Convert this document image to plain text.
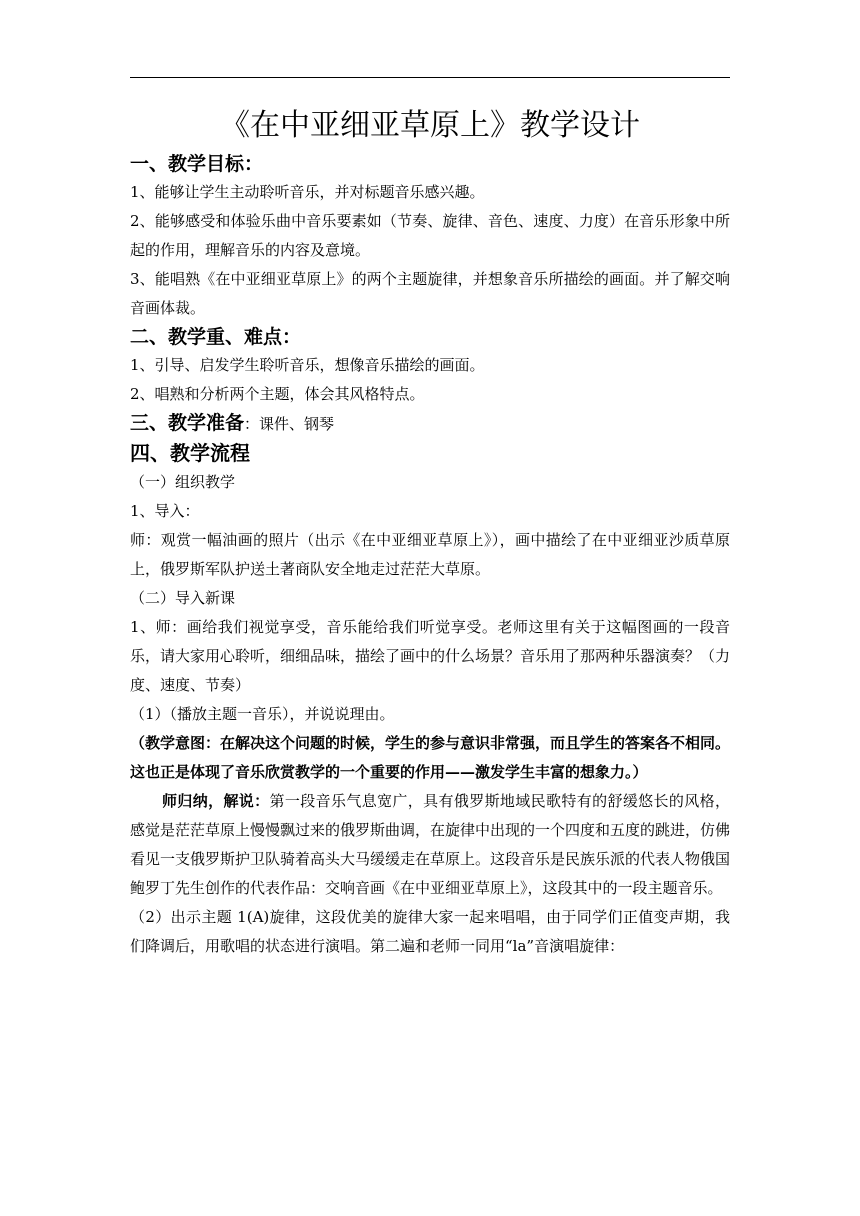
《在中亚细亚草原上》教学设计
一、教学目标：

1、能够让学生主动聆听音乐，并对标题音乐感兴趣。

2、能够感受和体验乐曲中音乐要素如（节奏、旋律、音色、速度、力度）在音乐形象中所起的作用，理解音乐的内容及意境。

3、能唱熟《在中亚细亚草原上》的两个主题旋律，并想象音乐所描绘的画面。并了解交响音画体裁。

二、教学重、难点：

1、引导、启发学生聆听音乐，想像音乐描绘的画面。

2、唱熟和分析两个主题，体会其风格特点。

三、教学准备：课件、钢琴
四、教学流程

（一）组织教学

1、导入：

师：观赏一幅油画的照片（出示《在中亚细亚草原上》），画中描绘了在中亚细亚沙质草原上，俄罗斯军队护送土著商队安全地走过茫茫大草原。

（二）导入新课

1、师：画给我们视觉享受，音乐能给我们听觉享受。老师这里有关于这幅图画的一段音乐，请大家用心聆听，细细品味，描绘了画中的什么场景？音乐用了那两种乐器演奏？（力度、速度、节奏）

（1）（播放主题一音乐），并说说理由。

（教学意图：在解决这个问题的时候，学生的参与意识非常强，而且学生的答案各不相同。这也正是体现了音乐欣赏教学的一个重要的作用——激发学生丰富的想象力。）

师归纳，解说：第一段音乐气息宽广，具有俄罗斯地域民歌特有的舒缓悠长的风格，感觉是茫茫草原上慢慢飘过来的俄罗斯曲调，在旋律中出现的一个四度和五度的跳进，仿佛看见一支俄罗斯护卫队骑着高头大马缓缓走在草原上。这段音乐是民族乐派的代表人物俄国鲍罗丁先生创作的代表作品：交响音画《在中亚细亚草原上》，这段其中的一段主题音乐。

（2）出示主题 1(A)旋律，这段优美的旋律大家一起来唱唱，由于同学们正值变声期，我们降调后，用歌唱的状态进行演唱。第二遍和老师一同用“la”音演唱旋律：
